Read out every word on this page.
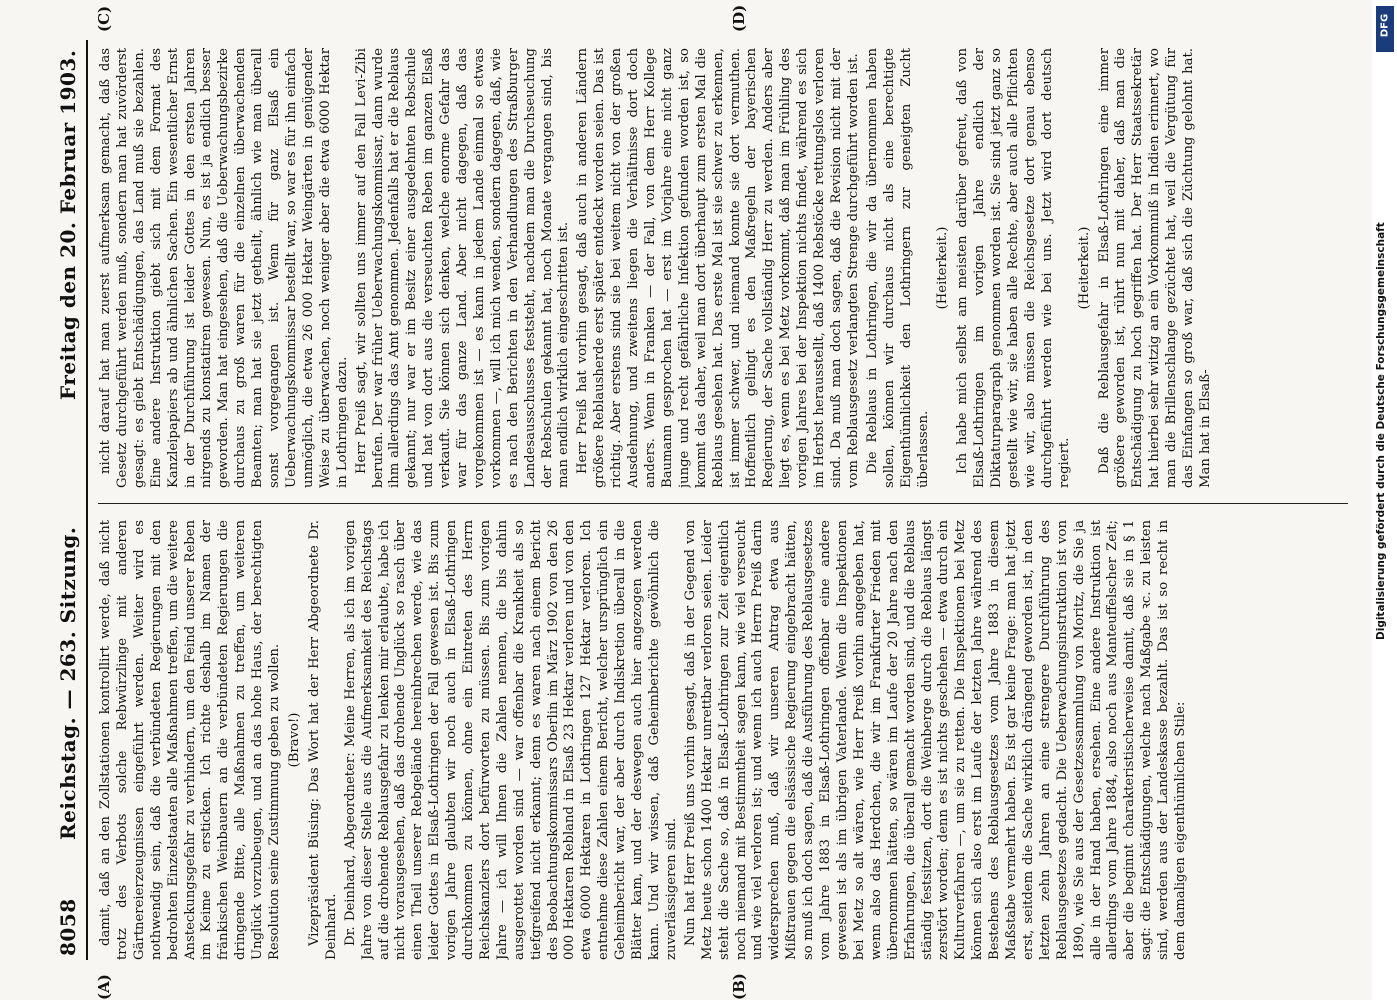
8058
Reichstag. — 263. Sitzung.
Freitag den 20. Februar 1903.

damit, daß an den Zollstationen kontrollirt werde, daß nicht trotz des Verbots solche Rebwürzlinge mit anderen Gärtnereierzeugnissen eingeführt werden. Weiter wird es nothwendig sein, daß die verbündeten Regierungen mit den bedrohten Einzelstaaten alle Maßnahmen treffen, um die weitere Ansteckungsgefahr zu verhindern, um den Feind unserer Reben im Keime zu ersticken. Ich richte deshalb im Namen der fränkischen Weinbauern an die verbündeten Regierungen die dringende Bitte, alle Maßnahmen zu treffen, um weiteren Unglück vorzubeugen, und an das hohe Haus, der berechtigten Resolution seine Zustimmung geben zu wollen. (Bravo!) Vizepräsident Büsing: Das Wort hat der Herr Abgeordnete Dr. Deinhard. Dr. Deinhard, Abgeordneter: Meine Herren, als ich im vorigen Jahre von dieser Stelle aus die Aufmerksamkeit des Reichstags auf die drohende Reblausgefahr zu lenken mir erlaubte, habe ich nicht vorausgesehen, daß das drohende Unglück so rasch über einen Theil unserer Rebgelände hereinbrechen werde, wie das leider Gottes in Elsaß-Lothringen der Fall gewesen ist. Bis zum vorigen Jahre glaubten wir noch auch in Elsaß-Lothringen durchkommen zu können, ohne ein Eintreten des Herrn Reichskanzlers dort befürworten zu müssen. Bis zum vorigen Jahre — ich will Ihnen die Zahlen nennen, die bis dahin ausgerottet worden sind — war offenbar die Krankheit als so tiefgreifend nicht erkannt; denn es waren nach einem Bericht des Beobachtungskommissars Oberlin im März 1902 von den 26 000 Hektaren Rebland in Elsaß 23 Hektar verloren und von den etwa 6000 Hektaren in Lothringen 127 Hektar verloren. Ich entnehme diese Zahlen einem Bericht, welcher ursprünglich ein Geheimbericht war, der aber durch Indiskretion überall in die Blätter kam, und der deswegen auch hier angezogen werden kann. Und wir wissen, daß Geheimberichte gewöhnlich die zuverlässigeren sind. Nun hat Herr Preiß uns vorhin gesagt, daß in der Gegend von Metz heute schon 1400 Hektar unrettbar verloren seien. Leider steht die Sache so, daß in Elsaß-Lothringen zur Zeit eigentlich noch niemand mit Bestimmtheit sagen kann, wie viel verseucht und wie viel verloren ist; und wenn ich auch Herrn Preiß darin widersprechen muß, daß wir unseren Antrag etwa aus Mißtrauen gegen die elsässische Regierung eingebracht hätten, so muß ich doch sagen, daß die Ausführung des Reblausgesetzes vom Jahre 1883 in Elsaß-Lothringen offenbar eine andere gewesen ist als im übrigen Vaterlande. Wenn die Inspektionen bei Metz so alt wären, wie Herr Preiß vorhin angegeben hat, wenn also das Herdchen, die wir im Frankfurter Frieden mit übernommen hätten, so wären im Laufe der 20 Jahre nach den Erfahrungen, die überall gemacht worden sind, und die Reblaus ständig festsitzen, dort die Weinberge durch die Reblaus längst zerstört worden; denn es ist nichts geschehen — etwa durch ein Kulturverfahren —, um sie zu retten. Die Inspektionen bei Metz können sich also erst im Laufe der letzten Jahre während des Bestehens des Reblausgesetzes vom Jahre 1883 in diesem Maßstabe vermehrt haben. Es ist gar keine Frage: man hat jetzt erst, seitdem die Sache wirklich drängend geworden ist, in den letzten zehn Jahren an eine strengere Durchführung des Reblausgesetzes gedacht. Die Ueberwachungsinstruktion ist von 1890, wie Sie aus der Gesetzessammlung von Moritz, die Sie ja alle in der Hand haben, ersehen. Eine andere Instruktion ist allerdings vom Jahre 1884, also noch aus Manteuffelscher Zeit; aber die beginnt charakteristischerweise damit, daß sie in § 1 sagt: die Entschädigungen, welche nach Maßgabe ꝛc. zu leisten sind, werden aus der Landeskasse bezahlt. Das ist so recht in dem damaligen eigenthümlichen Stile:

nicht darauf hat man zuerst aufmerksam gemacht, daß das Gesetz durchgeführt werden muß, sondern man hat zuvörderst gesagt: es giebt Entschädigungen, das Land muß sie bezahlen. Eine andere Instruktion giebt sich mit dem Format des Kanzleipapiers ab und ähnlichen Sachen. Ein wesentlicher Ernst in der Durchführung ist leider Gottes in den ersten Jahren nirgends zu konstatiren gewesen. Nun, es ist ja endlich besser geworden. Man hat eingesehen, daß die Ueberwachungsbezirke durchaus zu groß waren für die einzelnen überwachenden Beamten; man hat sie jetzt getheilt, ähnlich wie man überall sonst vorgegangen ist. Wenn für ganz Elsaß ein Ueberwachungskommissar bestellt war, so war es für ihn einfach unmöglich, die etwa 26 000 Hektar Weingärten in genügender Weise zu überwachen, noch weniger aber die etwa 6000 Hektar in Lothringen dazu. Herr Preiß sagt, wir sollten uns immer auf den Fall Levi-Zibi berufen. Der war früher Ueberwachungskommissar, dann wurde ihm allerdings das Amt genommen. Jedenfalls hat er die Reblaus gekannt; nur war er im Besitz einer ausgedehnten Rebschule und hat von dort aus die verseuchten Reben im ganzen Elsaß verkauft. Sie können sich denken, welche enorme Gefahr das war für das ganze Land. Aber nicht dagegen, daß das vorgekommen ist — es kann in jedem Lande einmal so etwas vorkommen —, will ich mich wenden, sondern dagegen, daß, wie es nach den Berichten in den Verhandlungen des Straßburger Landesausschusses feststeht, nachdem man die Durchseuchung der Rebschulen gekannt hat, noch Monate vergangen sind, bis man endlich wirklich eingeschritten ist. Herr Preiß hat vorhin gesagt, daß auch in anderen Ländern größere Reblausherde erst später entdeckt worden seien. Das ist richtig. Aber erstens sind sie bei weitem nicht von der großen Ausdehnung, und zweitens liegen die Verhältnisse dort doch anders. Wenn in Franken — der Fall, von dem Herr Kollege Baumann gesprochen hat — erst im Vorjahre eine nicht ganz junge und recht gefährliche Infektion gefunden worden ist, so kommt das daher, weil man dort überhaupt zum ersten Mal die Reblaus gesehen hat. Das erste Mal ist sie schwer zu erkennen, ist immer schwer, und niemand konnte sie dort vermuthen. Hoffentlich gelingt es den Maßregeln der bayerischen Regierung, der Sache vollständig Herr zu werden. Anders aber liegt es, wenn es bei Metz vorkommt, daß man im Frühling des vorigen Jahres bei der Inspektion nichts findet, während es sich im Herbst herausstellt, daß 1400 Rebstöcke rettungslos verloren sind. Da muß man doch sagen, daß die Revision nicht mit der vom Reblausgesetz verlangten Strenge durchgeführt worden ist. Die Reblaus in Lothringen, die wir da übernommen haben sollen, können wir durchaus nicht als eine berechtigte Eigenthümlichkeit den Lothringern zur geneigten Zucht überlassen.

(Heiterkeit.) Ich habe mich selbst am meisten darüber gefreut, daß von Elsaß-Lothringen im vorigen Jahre endlich der Diktaturparagraph genommen worden ist. Sie sind jetzt ganz so gestellt wie wir, sie haben alle Rechte, aber auch alle Pflichten wie wir, also müssen die Reichsgesetze dort genau ebenso durchgeführt werden wie bei uns. Jetzt wird dort deutsch regiert.

(Heiterkeit.) Daß die Reblausgefahr in Elsaß-Lothringen eine immer größere geworden ist, rührt nun mit daher, daß man die Entschädigung zu hoch gegriffen hat. Der Herr Staatssekretär hat hierbei sehr witzig an ein Vorkommniß in Indien erinnert, wo man die Brillenschlange gezüchtet hat, weil die Vergütung für das Einfangen so groß war, daß sich die Züchtung gelohnt hat. Man hat in Elsaß-

(A)	(B)
(C)	(D)	DFG
Digitalisierung gefördert durch die Deutsche Forschungsgemeinschaft
